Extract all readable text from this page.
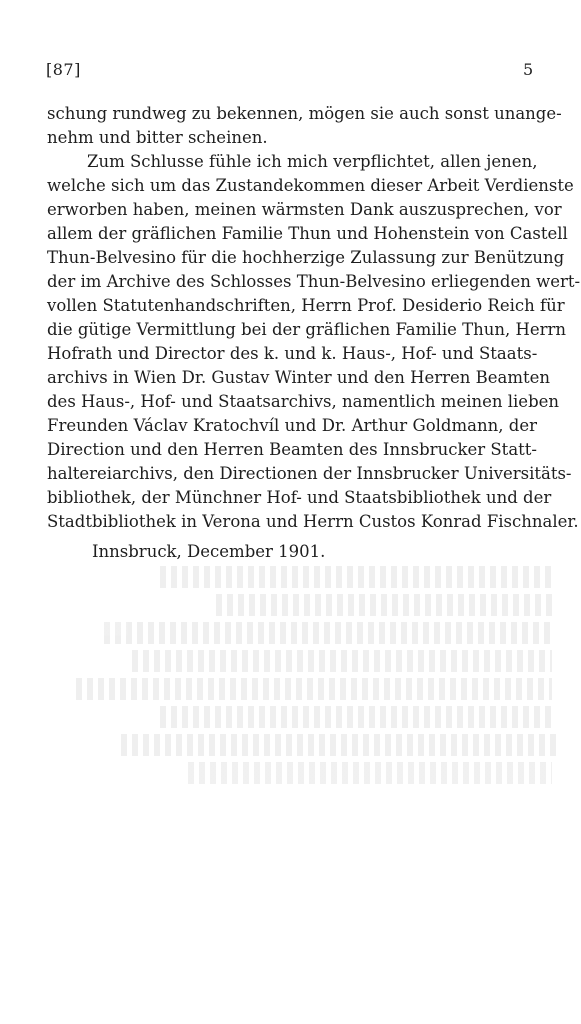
[87]	5
schung rundweg zu bekennen, mögen sie auch sonst unange-
nehm und bitter scheinen.
Zum Schlusse fühle ich mich verpflichtet, allen jenen,
welche sich um das Zustandekommen dieser Arbeit Verdienste
erworben haben, meinen wärmsten Dank auszusprechen, vor
allem der gräflichen Familie Thun und Hohenstein von Castell
Thun-Belvesino für die hochherzige Zulassung zur Benützung
der im Archive des Schlosses Thun-Belvesino erliegenden wert-
vollen Statutenhandschriften, Herrn Prof. Desiderio Reich für
die gütige Vermittlung bei der gräflichen Familie Thun, Herrn
Hofrath und Director des k. und k. Haus-, Hof- und Staats-
archivs in Wien Dr. Gustav Winter und den Herren Beamten
des Haus-, Hof- und Staatsarchivs, namentlich meinen lieben
Freunden Václav Kratochvíl und Dr. Arthur Goldmann, der
Direction und den Herren Beamten des Innsbrucker Statt-
haltereiarchivs, den Directionen der Innsbrucker Universitäts-
bibliothek, der Münchner Hof- und Staatsbibliothek und der
Stadtbibliothek in Verona und Herrn Custos Konrad Fischnaler.
Innsbruck, December 1901.
